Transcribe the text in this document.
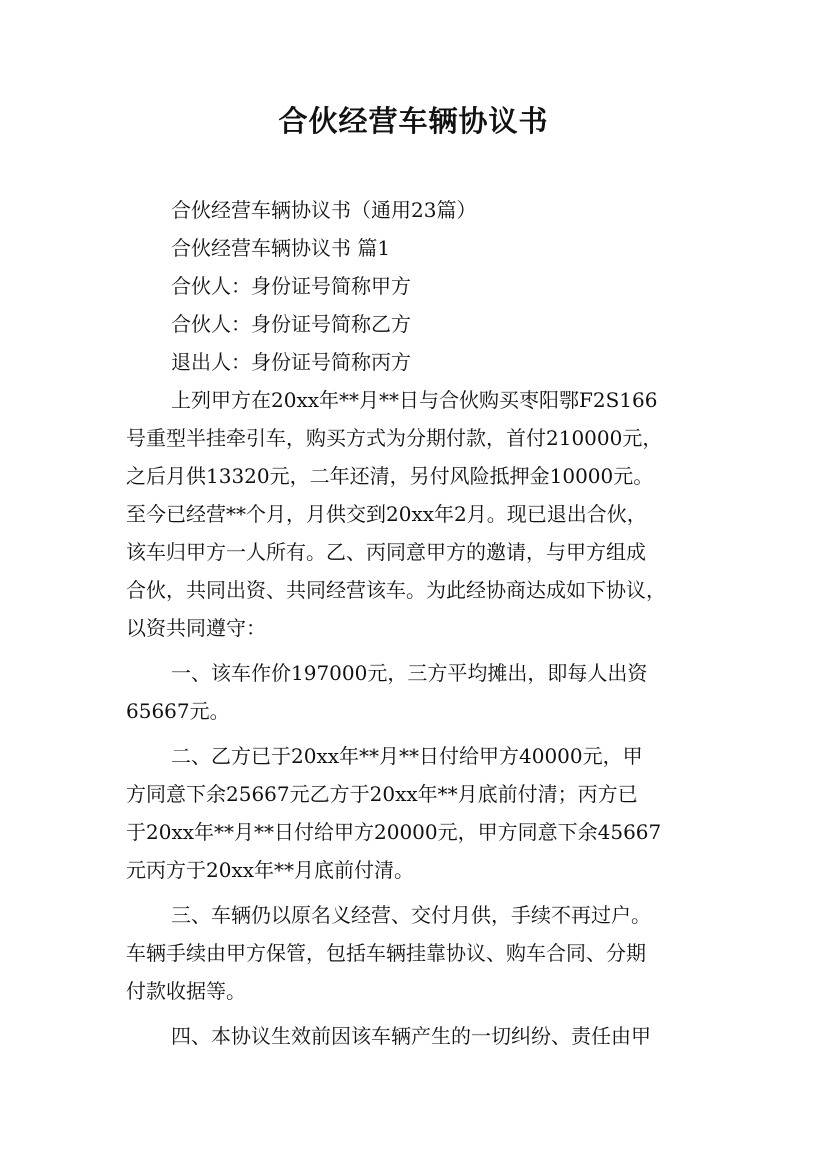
合伙经营车辆协议书
合伙经营车辆协议书（通用23篇）
合伙经营车辆协议书 篇1
合伙人：身份证号简称甲方
合伙人：身份证号简称乙方
退出人：身份证号简称丙方
上列甲方在20xx年**月**日与合伙购买枣阳鄂F2S166
号重型半挂牵引车，购买方式为分期付款，首付210000元，
之后月供13320元，二年还清，另付风险抵押金10000元。
至今已经营**个月，月供交到20xx年2月。现已退出合伙，
该车归甲方一人所有。乙、丙同意甲方的邀请，与甲方组成
合伙，共同出资、共同经营该车。为此经协商达成如下协议，
以资共同遵守：
一、该车作价197000元，三方平均摊出，即每人出资
65667元。
二、乙方已于20xx年**月**日付给甲方40000元，甲
方同意下余25667元乙方于20xx年**月底前付清；丙方已
于20xx年**月**日付给甲方20000元，甲方同意下余45667
元丙方于20xx年**月底前付清。
三、车辆仍以原名义经营、交付月供，手续不再过户。
车辆手续由甲方保管，包括车辆挂靠协议、购车合同、分期
付款收据等。
四、本协议生效前因该车辆产生的一切纠纷、责任由甲
